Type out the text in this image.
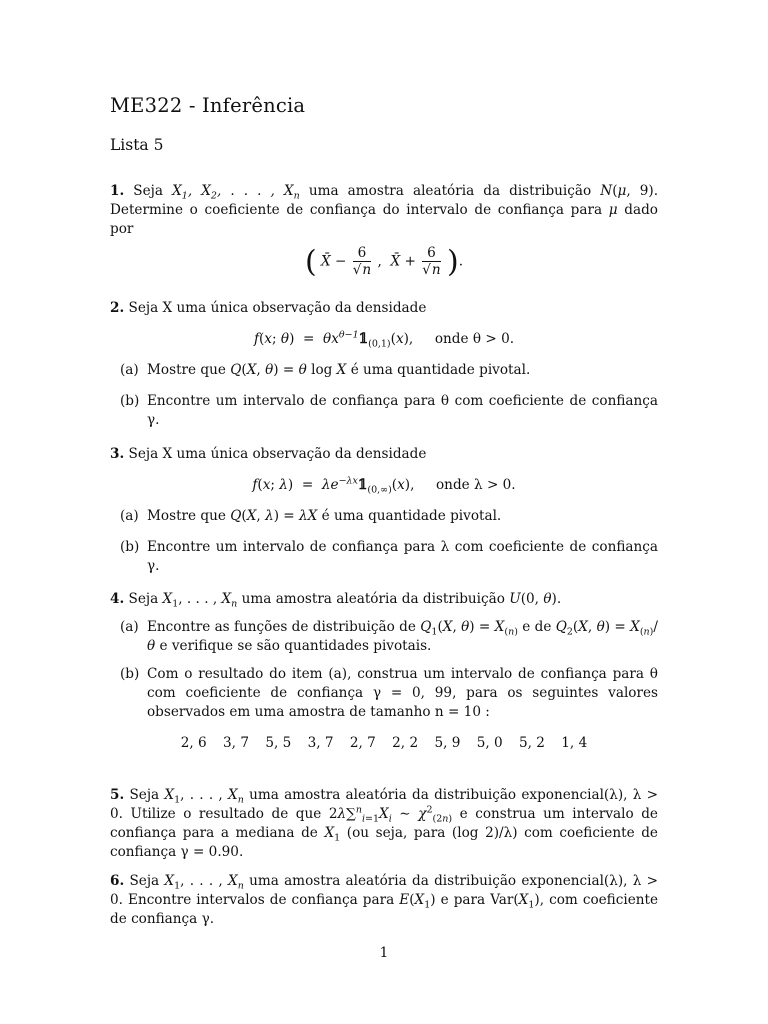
ME322 - Inferência
Lista 5
1. Seja $X_1$, $X_2$, . . . , $X_n$ uma amostra aleatória da distribuição N(μ, 9). Determine o coeficiente de confiança do intervalo de confiança para μ dado por
( X̄ − $\frac{6}{√n}$ ,  X̄ + $\frac{6}{√n}$ ).
2. Seja X uma única observação da densidade
f(x; $\theta) = \theta x^{\theta-1}𝟙_{(0,1)}(x)$,     onde θ > 0.
(a) Mostre que Q(X, θ) = θ log X é uma quantidade pivotal.
(b) Encontre um intervalo de confiança para θ com coeficiente de confiança γ.
3. Seja X uma única observação da densidade
f(x; $\lambda) = \lambda e^{-\lambda x}𝟙_{(0,\infty)}(x)$,     onde λ > 0.
(a) Mostre que Q(X, λ) = λX é uma quantidade pivotal.
(b) Encontre um intervalo de confiança para λ com coeficiente de confiança γ.
4. Seja $X_1$, . . . , $X_n$ uma amostra aleatória da distribuição U(0, θ).
(a) Encontre as funções de distribuição de $Q_1(X$, $\theta) = X_{(n)}$ e de $Q_2(X$, $\theta) = X_{(n)}/\theta$ e verifique se são quantidades pivotais.
(b) Com o resultado do item (a), construa um intervalo de confiança para θ com coeficiente de confiança γ = 0, 99, para os seguintes valores observados em uma amostra de tamanho n = 10 :
2, 6 3, 7 5, 5 3, 7 2, 7 2, 2 5, 9 5, 0 5, 2 1, 4
5. Seja $X_1$, . . . , $X_n$ uma amostra aleatória da distribuição exponencial(λ), λ > 0. Utilize o resultado de que $2\lambda\sum^n_{i=1}X_i$ ∼ $\chi^2_{(2n)}$ e construa um intervalo de confiança para a mediana de $X_1$ (ou seja, para (log 2)/λ) com coeficiente de confiança γ = 0.90.
6. Seja $X_1$, . . . , $X_n$ uma amostra aleatória da distribuição exponencial(λ), λ > 0. Encontre intervalos de confiança para $E(X_1)$ e para $Var(X_1)$, com coeficiente de confiança γ.
1
